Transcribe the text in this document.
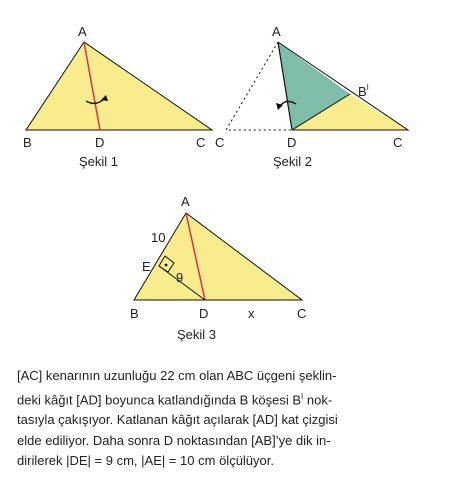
A
B	D	C
Şekil 1
A
C	D	C
$B^I$
Şekil 2
A
B	D	C
E
10
9
x
Şekil 3

[AC] kenarının uzunluğu 22 cm olan ABC üçgeni şeklin-
deki kâğıt [AD] boyunca katlandığında B köşesi $B^I$ nok-
tasıyla çakışıyor. Katlanan kâğıt açılarak [AD] kat çizgisi
elde ediliyor. Daha sonra D noktasından [AB]’ye dik in-
dirilerek |DE| = 9 cm, |AE| = 10 cm ölçülüyor.
